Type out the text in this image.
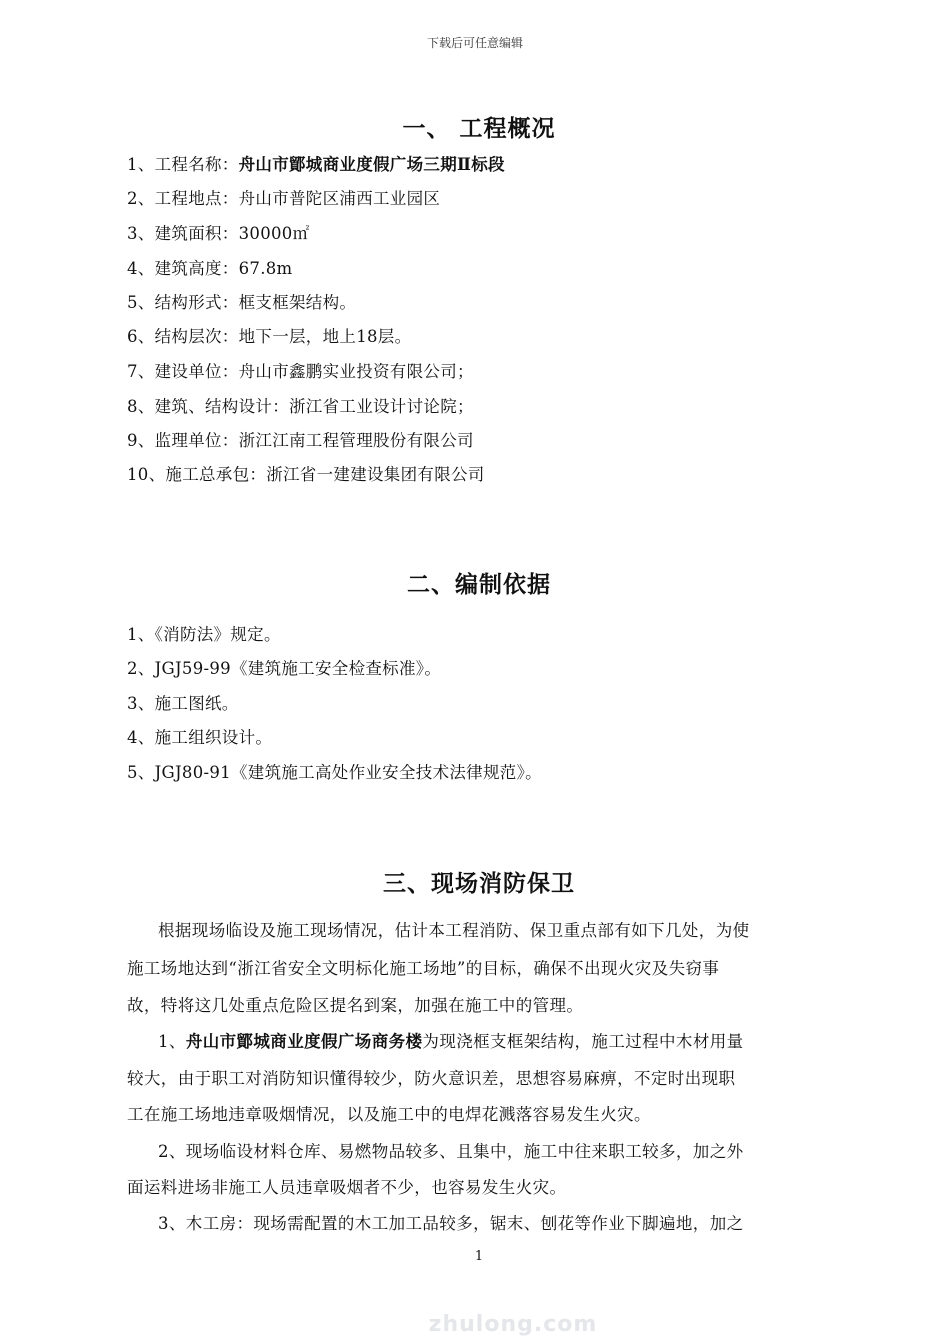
下载后可任意编辑
一、 工程概况
1、工程名称：舟山市鄮城商业度假广场三期Ⅱ标段
2、工程地点：舟山市普陀区浦西工业园区
3、建筑面积：30000㎡
4、建筑高度：67.8m
5、结构形式：框支框架结构。
6、结构层次：地下一层，地上18层。
7、建设单位：舟山市鑫鹏实业投资有限公司；
8、建筑、结构设计：浙江省工业设计讨论院；
9、监理单位：浙江江南工程管理股份有限公司
10、施工总承包：浙江省一建建设集团有限公司
二、编制依据
1、《消防法》规定。
2、JGJ59-99《建筑施工安全检查标准》。
3、施工图纸。
4、施工组织设计。
5、JGJ80-91《建筑施工高处作业安全技术法律规范》。
三、现场消防保卫
根据现场临设及施工现场情况，估计本工程消防、保卫重点部有如下几处，为使
施工场地达到“浙江省安全文明标化施工场地”的目标，确保不出现火灾及失窃事
故，特将这几处重点危险区提名到案，加强在施工中的管理。
1、舟山市鄮城商业度假广场商务楼为现浇框支框架结构，施工过程中木材用量
较大，由于职工对消防知识懂得较少，防火意识差，思想容易麻痹，不定时出现职
工在施工场地违章吸烟情况，以及施工中的电焊花溅落容易发生火灾。
2、现场临设材料仓库、易燃物品较多、且集中，施工中往来职工较多，加之外
面运料进场非施工人员违章吸烟者不少，也容易发生火灾。
3、木工房：现场需配置的木工加工品较多，锯末、刨花等作业下脚遍地，加之
1
zhulong.com
